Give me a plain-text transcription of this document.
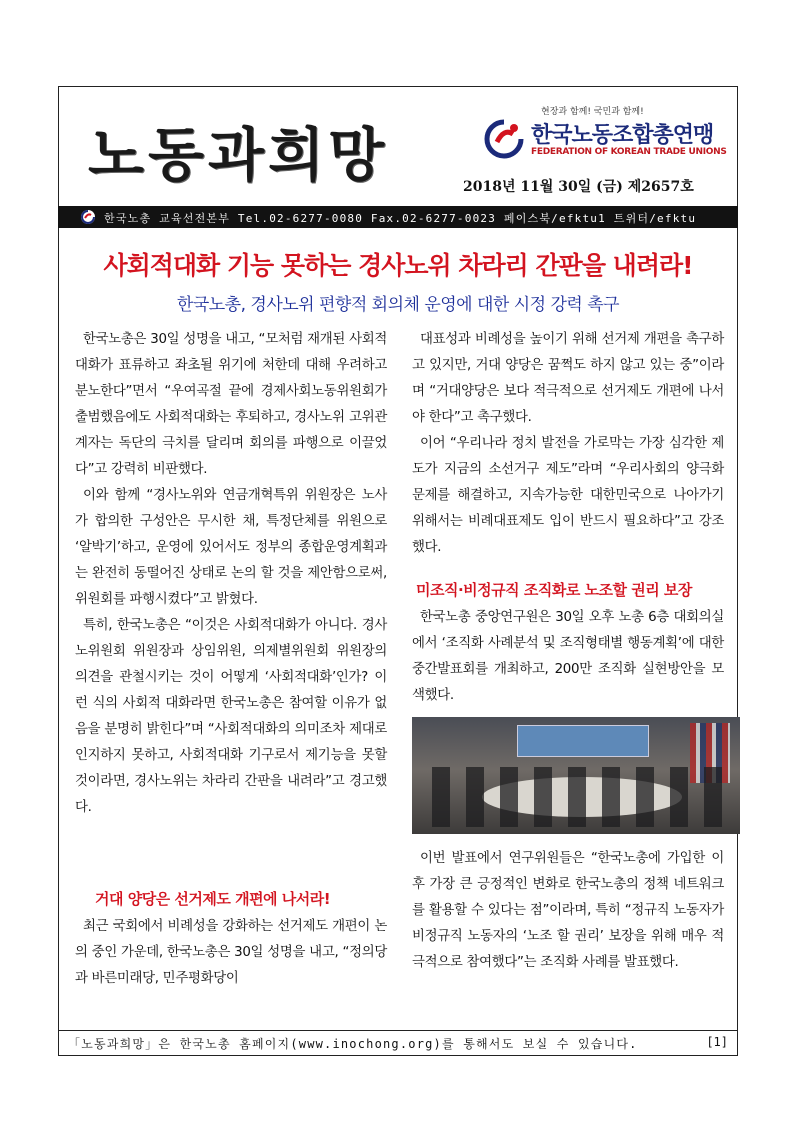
노동과희망
현장과 함께! 국민과 함께!
한국노동조합총연맹
FEDERATION OF KOREAN TRADE UNIONS
2018년 11월 30일 (금) 제2657호
한국노총 교육선전본부 Tel.02-6277-0080 Fax.02-6277-0023 페이스북/efktu1 트위터/efktu
사회적대화 기능 못하는 경사노위 차라리 간판을 내려라!
한국노총, 경사노위 편향적 회의체 운영에 대한 시정 강력 촉구

한국노총은 30일 성명을 내고, “모처럼 재개된 사회적대화가 표류하고 좌초될 위기에 처한데 대해 우려하고 분노한다”면서 “우여곡절 끝에 경제사회노동위원회가 출범했음에도 사회적대화는 후퇴하고, 경사노위 고위관계자는 독단의 극치를 달리며 회의를 파행으로 이끌었다”고 강력히 비판했다.

이와 함께 “경사노위와 연금개혁특위 위원장은 노사가 합의한 구성안은 무시한 채, 특정단체를 위원으로 ‘알박기’하고, 운영에 있어서도 정부의 종합운영계획과는 완전히 동떨어진 상태로 논의 할 것을 제안함으로써, 위원회를 파행시켰다”고 밝혔다.

특히, 한국노총은 “이것은 사회적대화가 아니다. 경사노위원회 위원장과 상임위원, 의제별위원회 위원장의 의견을 관철시키는 것이 어떻게 ‘사회적대화’인가? 이런 식의 사회적 대화라면 한국노총은 참여할 이유가 없음을 분명히 밝힌다”며 “사회적대화의 의미조차 제대로 인지하지 못하고, 사회적대화 기구로서 제기능을 못할 것이라면, 경사노위는 차라리 간판을 내려라”고 경고했다.

거대 양당은 선거제도 개편에 나서라!

최근 국회에서 비례성을 강화하는 선거제도 개편이 논의 중인 가운데, 한국노총은 30일 성명을 내고, “정의당과 바른미래당, 민주평화당이

대표성과 비례성을 높이기 위해 선거제 개편을 촉구하고 있지만, 거대 양당은 꿈쩍도 하지 않고 있는 중”이라며 “거대양당은 보다 적극적으로 선거제도 개편에 나서야 한다”고 촉구했다.

이어 “우리나라 정치 발전을 가로막는 가장 심각한 제도가 지금의 소선거구 제도”라며 “우리사회의 양극화 문제를 해결하고, 지속가능한 대한민국으로 나아가기 위해서는 비례대표제도 입이 반드시 필요하다”고 강조했다.

미조직·비정규직 조직화로 노조할 권리 보장

한국노총 중앙연구원은 30일 오후 노총 6층 대회의실에서 ‘조직화 사례분석 및 조직형태별 행동계획’에 대한 중간발표회를 개최하고, 200만 조직화 실현방안을 모색했다.

이번 발표에서 연구위원들은 “한국노총에 가입한 이후 가장 큰 긍정적인 변화로 한국노총의 정책 네트워크를 활용할 수 있다는 점”이라며, 특히 “정규직 노동자가 비정규직 노동자의 ‘노조 할 권리’ 보장을 위해 매우 적극적으로 참여했다”는 조직화 사례를 발표했다.

「노동과희망」은 한국노총 홈페이지(www.inochong.org)를 통해서도 보실 수 있습니다.	[1]
